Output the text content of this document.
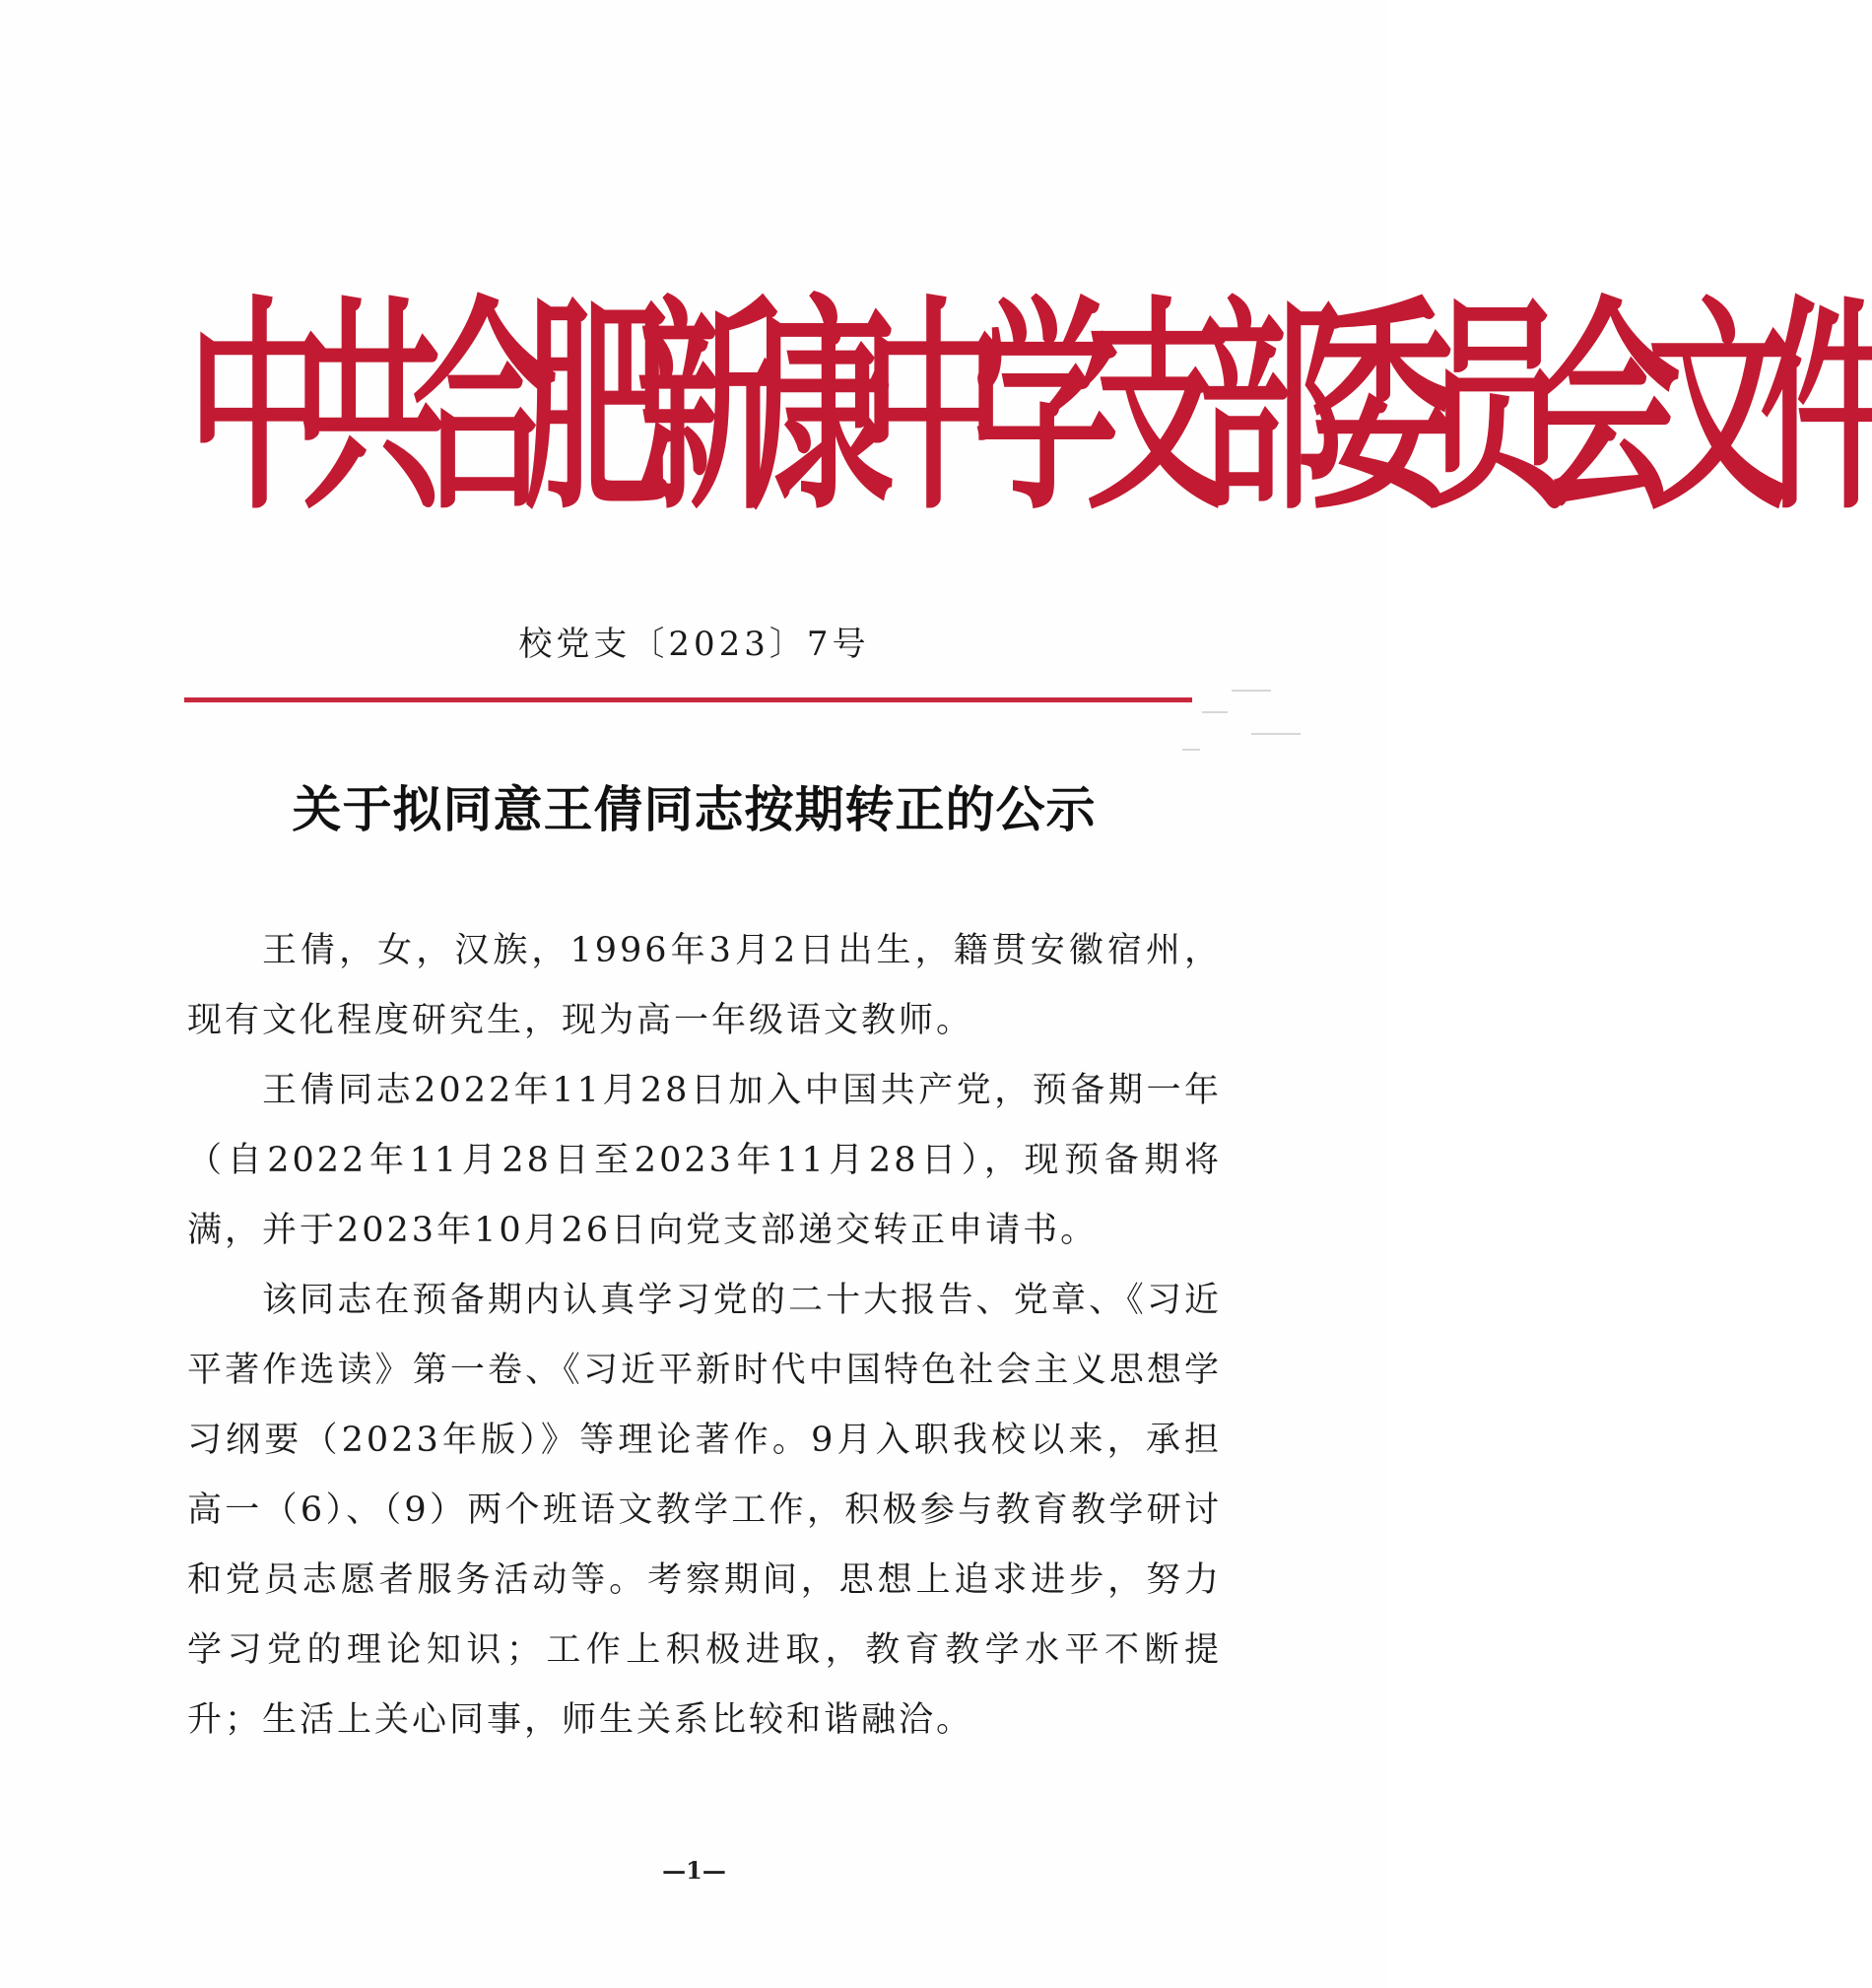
中共合肥新康中学支部委员会文件
校党支〔2023〕7号
关于拟同意王倩同志按期转正的公示

王倩，女，汉族，1996年3月2日出生，籍贯安徽宿州，现有文化程度研究生，现为高一年级语文教师。

王倩同志2022年11月28日加入中国共产党，预备期一年（自2022年11月28日至2023年11月28日），现预备期将满，并于2023年10月26日向党支部递交转正申请书。

该同志在预备期内认真学习党的二十大报告、党章、《习近平著作选读》第一卷、《习近平新时代中国特色社会主义思想学习纲要（2023年版）》等理论著作。9月入职我校以来，承担高一（6）、（9）两个班语文教学工作，积极参与教育教学研讨和党员志愿者服务活动等。考察期间，思想上追求进步，努力学习党的理论知识；工作上积极进取，教育教学水平不断提升；生活上关心同事，师生关系比较和谐融洽。

—1—
